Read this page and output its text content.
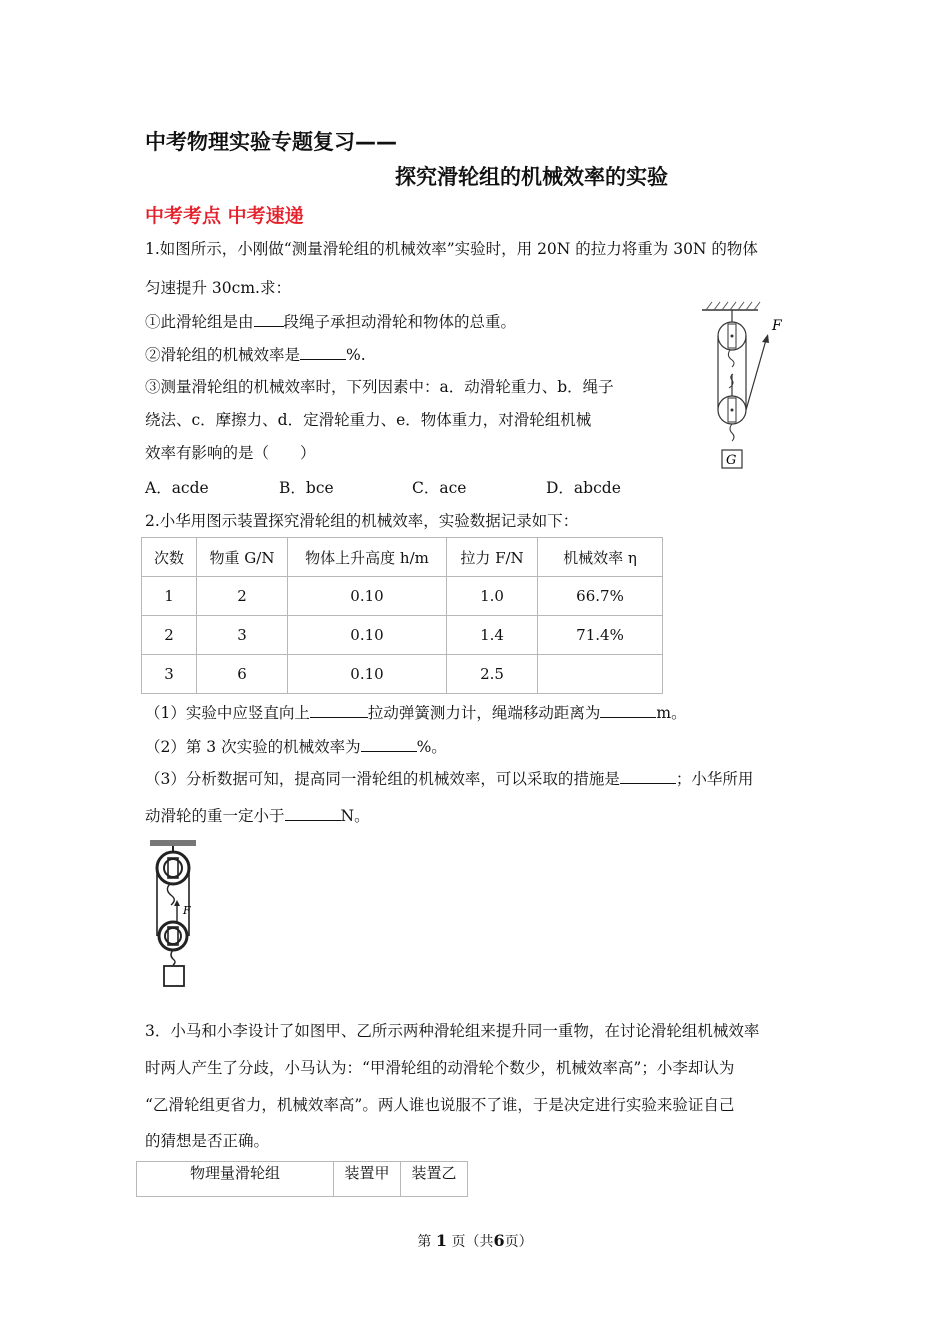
中考物理实验专题复习——
探究滑轮组的机械效率的实验
中考考点 中考速递
1.如图所示，小刚做“测量滑轮组的机械效率”实验时，用 20N 的拉力将重为 30N 的物体
匀速提升 30cm.求：
①此滑轮组是由 段绳子承担动滑轮和物体的总重。
②滑轮组的机械效率是	%.
③测量滑轮组的机械效率时，下列因素中：a．动滑轮重力、b．绳子
绕法、c．摩擦力、d．定滑轮重力、e．物体重力，对滑轮组机械
效率有影响的是（　　）
A．acde	B．bce	C．ace	D．abcde
F
G
2.小华用图示装置探究滑轮组的机械效率，实验数据记录如下：
次数	物重 G/N	物体上升高度 h/m	拉力 F/N	机械效率 η
1	2	0.10	1.0	66.7%
2	3	0.10	1.4	71.4%
3	6	0.10	2.5	
（1）实验中应竖直向上	拉动弹簧测力计，绳端移动距离为	m。
（2）第 3 次实验的机械效率为	%。
（3）分析数据可知，提高同一滑轮组的机械效率，可以采取的措施是	；小华所用
动滑轮的重一定小于	N。
F
3．小马和小李设计了如图甲、乙所示两种滑轮组来提升同一重物，在讨论滑轮组机械效率
时两人产生了分歧，小马认为：“甲滑轮组的动滑轮个数少，机械效率高”；小李却认为
“乙滑轮组更省力，机械效率高”。两人谁也说服不了谁，于是决定进行实验来验证自己
的猜想是否正确。
物理量滑轮组	装置甲	装置乙
第 1 页（共6页）
